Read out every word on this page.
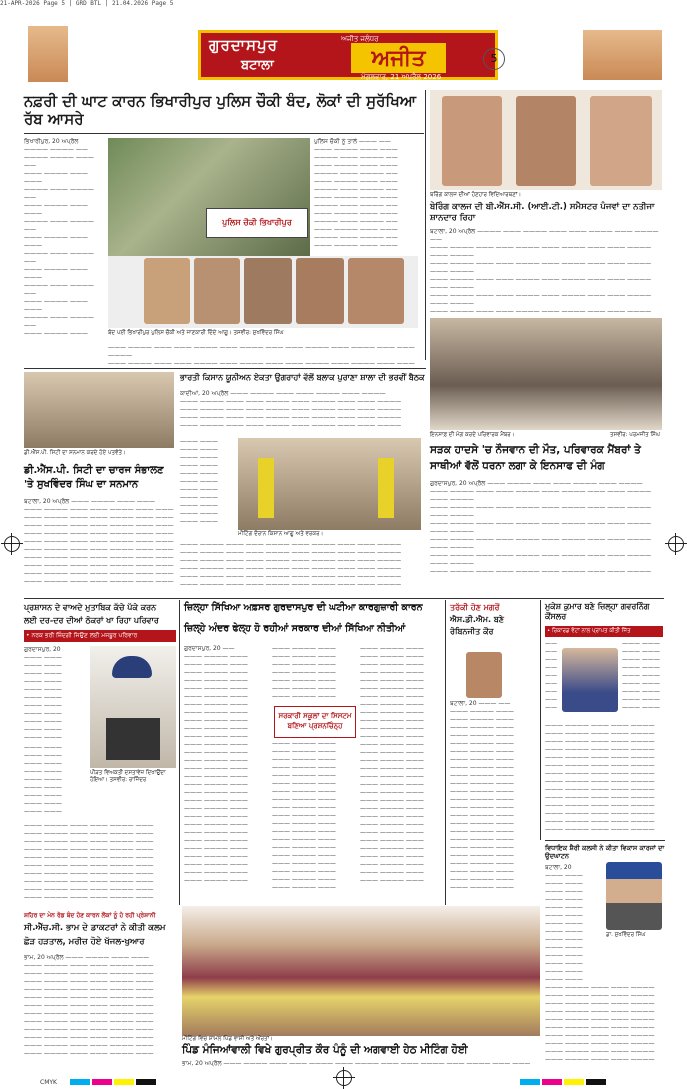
21-APR-2026 Page 5 | GRD BTL | 21.04.2026 Page 5
ਗੁਰਦਾਸਪੁਰ
ਬਟਾਲਾ
ਅਜੀਤ ਜਲੰਧਰ
ਅਜੀਤ
ਮੰਗਲਵਾਰ, 21 ਅਪ੍ਰੈਲ 2026
5
ਨਫ਼ਰੀ ਦੀ ਘਾਟ ਕਾਰਨ ਭਿਖਾਰੀਪੁਰ ਪੁਲਿਸ ਚੌਕੀ ਬੰਦ, ਲੋਕਾਂ ਦੀ ਸੁਰੱਖਿਆ ਰੱਬ ਆਸਰੇ
ਭਿਖਾਰੀਪੁਰ, 20 ਅਪ੍ਰੈਲ ———— ———— ——
———— ———— ——— ——
——— ———— ——— ———
———— ——— ———— ——
——— ———— ——— ———
———— ——— ———— ——
——— ———— ——— ———
———— ——— ———— ——
——— ———— ——— ———
———— ——— ———— ——
——— ———— ——— ———
———— ——— ———— ——
——— ———— ———
ਪੁਲਿਸ ਚੌਕੀ ਭਿਖਾਰੀਪੁਰ
ਬੰਦ ਪਈ ਭਿਖਾਰੀਪੁਰ ਪੁਲਿਸ ਚੌਕੀ ਅਤੇ ਜਾਣਕਾਰੀ ਦਿੰਦੇ ਆਗੂ। ਤਸਵੀਰ: ਸੁਖਵਿੰਦਰ ਸਿੰਘ
ਪੁਲਿਸ ਚੌਕੀ ਨੂੰ ਤਾਲੇ ——— ——
——— ———— ——— ———
———— ——— ———— ——
——— ———— ——— ———
———— ——— ———— ——
——— ———— ——— ———
———— ——— ———— ——
——— ———— ——— ———
———— ——— ———— ——
——— ———— ——— ———
———— ——— ———— ——
——— ———— ——— ———
———— ——— ———— ——
——— ———— ——— ———
——— ———— ——— ——— ———— ——— ———— ——— ——— ———— ——— ———— ——— ——— ————
——— ———— ——— ——— ———— ——— ———— ——— ——— ———— ——— ———— ——— ———
ਬਰਿੰਗ ਕਾਲਜ ਦੀਆਂ ਹੋਣਹਾਰ ਵਿਦਿਆਰਥਣਾਂ।
ਬੇਰਿੰਗ ਕਾਲਜ ਦੀ ਬੀ.ਐੱਸ.ਸੀ. (ਆਈ.ਟੀ.) ਸਮੈਸਟਰ ਪੰਜਵਾਂ ਦਾ ਨਤੀਜਾ ਸ਼ਾਨਦਾਰ ਰਿਹਾ
ਬਟਾਲਾ, 20 ਅਪ੍ਰੈਲ ———— ——— ———— ——— ——— ———— ——— ———— ——
——— ———— ——— ——— ———— ——— ———— ——— ——— ———— ——— ————
——— ———— ——— ——— ———— ——— ———— ——— ——— ———— ——— ————
——— ———— ——— ——— ———— ——— ———— ——— ——— ———— ——— ————
——— ———— ——— ——— ———— ——— ———— ——— ——— ———— ——— ————
——— ———— ——— ——— ———— ——— ———— ——— ——— ————
ਇਨਸਾਫ਼ ਦੀ ਮੰਗ ਕਰਦੇ ਪਰਿਵਾਰਕ ਮੈਂਬਰ।	ਤਸਵੀਰ: ਪਰਮਜੀਤ ਸਿੰਘ
ਸੜਕ ਹਾਦਸੇ 'ਚ ਨੌਜਵਾਨ ਦੀ ਮੌਤ, ਪਰਿਵਾਰਕ ਮੈਂਬਰਾਂ ਤੇ
ਸਾਥੀਆਂ ਵੱਲੋਂ ਧਰਨਾ ਲਗਾ ਕੇ ਇਨਸਾਫ ਦੀ ਮੰਗ
ਗੁਰਦਾਸਪੁਰ, 20 ਅਪ੍ਰੈਲ ——— ———— ——— ——— ———— ——— ————
——— ———— ——— ——— ———— ——— ———— ——— ——— ———— ——— ————
——— ———— ——— ——— ———— ——— ———— ——— ——— ———— ——— ————
——— ———— ——— ——— ———— ——— ———— ——— ——— ———— ——— ————
——— ———— ——— ——— ———— ——— ———— ——— ——— ———— ——— ————
——— ———— ——— ——— ———— ——— ———— ——— ——— ———— ——— ————
——— ———— ——— ——— ———— ——— ———— ——— ——— ————
ਡੀ.ਐੱਸ.ਪੀ. ਸਿਟੀ ਦਾ ਸਨਮਾਨ ਕਰਦੇ ਹੋਏ ਪਤਵੰਤੇ।
ਡੀ.ਐੱਸ.ਪੀ. ਸਿਟੀ ਦਾ ਚਾਰਜ ਸੰਭਾਲਣ 'ਤੇ ਸੁਖਵਿੰਦਰ ਸਿੰਘ ਦਾ ਸਨਮਾਨ
ਬਟਾਲਾ, 20 ਅਪ੍ਰੈਲ ——— ———— ——— ———
——— ———— ——— ——— ———— ——— ———
——— ———— ——— ——— ———— ——— ———
——— ———— ——— ——— ———— ——— ———
——— ———— ——— ——— ———— ——— ———
——— ———— ——— ——— ———— ——— ———
——— ———— ——— ——— ———— ——— ———
——— ———— ——— ——— ———— ——— ———
——— ———— ——— ——— ———— ——— ———
——— ———— ——— ——— ———— ——— ———
——— ———— ——— ——— ———— ——— ———
ਭਾਰਤੀ ਕਿਸਾਨ ਯੂਨੀਅਨ ਏਕਤਾ ਉਗਰਾਹਾਂ ਵੱਲੋਂ ਬਲਾਕ ਪੁਰਾਣਾ ਸ਼ਾਲਾ ਦੀ ਭਰਵੀਂ ਬੈਠਕ
ਕਾਦੀਆਂ, 20 ਅਪ੍ਰੈਲ ——— ———— ——— ——— ———— ——— ————
——— ———— ——— ——— ———— ——— ———— ——— ——— ————
——— ———— ——— ——— ———— ——— ———— ——— ——— ————
——— ———— ——— ——— ———— ——— ———— ——— ——— ————
——— ———— ——— ——— ———— ——— ———— ——— ——— ————
——— ———
——— ———
——— ———
——— ———
——— ———
——— ———
——— ———
——— ———
——— ———
——— ———
——— ———
ਮੀਟਿੰਗ ਦੌਰਾਨ ਕਿਸਾਨ ਆਗੂ ਅਤੇ ਵਰਕਰ।
——— ———— ——— ——— ———— ——— ———— ——— ——— ————
——— ———— ——— ——— ———— ——— ———— ——— ——— ————
——— ———— ——— ——— ———— ——— ———— ——— ——— ————
——— ———— ——— ——— ———— ——— ———— ——— ——— ————
——— ———— ——— ——— ———— ——— ———— ——— ——— ————
——— ———— ——— ——— ———— ——— ———— ——— ——— ————
ਪ੍ਰਸ਼ਾਸਨ ਦੇ ਵਾਅਦੇ ਮੁਤਾਬਿਕ ਕੱਚੇ ਪੱਕੇ ਕਰਨ
ਲਈ ਦਰ-ਦਰ ਦੀਆਂ ਠੋਕਰਾਂ ਖਾ ਰਿਹਾ ਪਰਿਵਾਰ
• ਨਰਕ ਭਰੀ ਜ਼ਿੰਦਗੀ ਜਿਉਣ ਲਈ ਮਜਬੂਰ ਪਰਿਵਾਰ
ਗੁਰਦਾਸਪੁਰ, 20
——— ———
——— ———
——— ———
——— ———
——— ———
——— ———
——— ———
——— ———
——— ———
——— ———
——— ———
ਪੀੜਤ ਵਿਅਕਤੀ ਦਸਤਾਵੇਜ਼ ਦਿਖਾਉਂਦਾ ਹੋਇਆ। ਤਸਵੀਰ: ਰਾਜਿੰਦਰ
——— ———
——— ———
——— ———
——— ———
——— ———
——— ———
——— ———
——— ———
——— ———
——— ———— ——— ——— ———— ———
——— ———— ——— ——— ———— ———
——— ———— ——— ——— ———— ———
——— ———— ——— ——— ———— ———
——— ———— ——— ——— ———— ———
——— ———— ——— ——— ———— ———
——— ———— ——— ——— ———— ———
——— ———— ——— ——— ———— ———
——— ———— ——— ——— ———— ———
——— ———— ——— ——— ———— ———
ਸ਼ਹਿਰ ਦਾ ਮੇਨ ਰੋਡ ਬੰਦ ਹੋਣ ਕਾਰਨ ਲੋਕਾਂ ਨੂੰ ਹੋ ਰਹੀ ਪ੍ਰੇਸ਼ਾਨੀ
ਸੀ.ਐੱਚ.ਸੀ. ਭਾਮ ਦੇ ਡਾਕਟਰਾਂ ਨੇ ਕੀਤੀ ਕਲਮ
ਛੋੜ ਹੜਤਾਲ, ਮਰੀਜ਼ ਹੋਏ ਖੱਜਲ-ਖੁਆਰ
ਭਾਮ, 20 ਅਪ੍ਰੈਲ ——— ———— ——— ———
——— ———— ——— ——— ———— ———
——— ———— ——— ——— ———— ———
——— ———— ——— ——— ———— ———
——— ———— ——— ——— ———— ———
——— ———— ——— ——— ———— ———
——— ———— ——— ——— ———— ———
——— ———— ——— ——— ———— ———
——— ———— ——— ——— ———— ———
——— ———— ——— ——— ———— ———
——— ———— ——— ——— ———— ———
——— ———— ——— ——— ———— ———
——— ———— ——— ——— ———— ———
ਜ਼ਿਲ੍ਹਾ ਸਿੱਖਿਆ ਅਫ਼ਸਰ ਗੁਰਦਾਸਪੁਰ ਦੀ ਘਟੀਆ ਕਾਰਗੁਜ਼ਾਰੀ ਕਾਰਨ
ਜ਼ਿਲ੍ਹੇ ਅੰਦਰ ਫੇਲ੍ਹ ਹੋ ਰਹੀਆਂ ਸਰਕਾਰ ਦੀਆਂ ਸਿੱਖਿਆ ਨੀਤੀਆਂ
ਗੁਰਦਾਸਪੁਰ, 20 ——
——— ———— ———
——— ———— ———
——— ———— ———
——— ———— ———
——— ———— ———
——— ———— ———
——— ———— ———
——— ———— ———
——— ———— ———
——— ———— ———
——— ———— ———
——— ———— ———
——— ———— ———
——— ———— ———
——— ———— ———
——— ———— ———
——— ———— ———
——— ———— ———
——— ———— ———
——— ———— ———
——— ———— ———
——— ———— ———
——— ———— ———
——— ———— ———
——— ———— ———
——— ———— ———
——— ———— ———
——— ———— ———
——— ———— ———
——— ———— ———
——— ———— ———
——— ———— ———
——— ———— ———
——— ———— ———
——— ———— ———
——— ———— ———
ਸਰਕਾਰੀ ਸਕੂਲਾਂ ਦਾ ਸਿਸਟਮ ਬਣਿਆ ਪ੍ਰਸ਼ਨਚਿੰਨ੍ਹ
——— ———— ———
——— ———— ———
——— ———— ———
——— ———— ———
——— ———— ———
——— ———— ———
——— ———— ———
——— ———— ———
——— ———— ———
——— ———— ———
——— ———— ———
——— ———— ———
——— ———— ———
——— ———— ———
——— ———— ———
——— ———— ———
——— ———— ———
——— ———— ———
——— ———— ———
——— ———— ———
——— ———— ———
——— ———— ———
——— ———— ———
——— ———— ———
——— ———— ———
——— ———— ———
——— ———— ———
——— ———— ———
——— ———— ———
——— ———— ———
——— ———— ———
——— ———— ———
——— ———— ———
——— ———— ———
——— ———— ———
——— ———— ———
——— ———— ———
——— ———— ———
——— ———— ———
——— ———— ———
——— ———— ———
——— ———— ———
——— ———— ———
——— ———— ———
——— ———— ———
——— ———— ———
——— ———— ———
——— ———— ———
——— ———— ———
ਤਰੱਕੀ ਹੋਣ ਮਗਰੋਂ
ਐਸ.ਡੀ.ਐਮ. ਬਣੇ
ਰੋਬਿਨਜੀਤ ਕੌਰ
ਬਟਾਲਾ, 20 ——— ——
——— ———— ———
——— ———— ———
——— ———— ———
——— ———— ———
——— ———— ———
——— ———— ———
——— ———— ———
——— ———— ———
——— ———— ———
——— ———— ———
——— ———— ———
——— ———— ———
——— ———— ———
——— ———— ———
——— ———— ———
——— ———— ———
——— ———— ———
——— ———— ———
——— ———— ———
——— ———— ———
——— ———— ———
——— ———— ———
——— ———— ———
ਮੁਕੇਸ਼ ਕੁਮਾਰ ਬਣੇ ਜ਼ਿਲ੍ਹਾ ਗਵਰਨਿੰਗ ਕੌਂਸਲਰ
• ਰਿਕਾਰਡ ਵੋਟਾਂ ਨਾਲ ਪ੍ਰਾਪਤ ਕੀਤੀ ਜਿੱਤ
——
——
——
——
——
——
——
——
——
——— ———
——— ———
——— ———
——— ———
——— ———
——— ———
——— ———
——— ———
——— ———
——— ———— ——— ——— ————
——— ———— ——— ——— ————
——— ———— ——— ——— ————
——— ———— ——— ——— ————
——— ———— ——— ——— ————
——— ———— ——— ——— ————
——— ———— ——— ——— ————
——— ———— ——— ——— ————
——— ———— ——— ——— ————
——— ———— ——— ——— ————
——— ———— ——— ——— ————
——— ———— ——— ——— ————
——— ———— ——— ——— ————
——— ———— ——— ——— ————
ਮੀਟਿੰਗ ਵਿਚ ਸ਼ਾਮਲ ਪਿੰਡ ਵਾਸੀ ਅਤੇ ਔਰਤਾਂ।
ਪਿੰਡ ਮੰਜਿਆਂਵਾਲੀ ਵਿਖੇ ਗੁਰਪ੍ਰੀਤ ਕੌਰ ਪੰਨੂੰ ਦੀ ਅਗਵਾਈ ਹੇਠ ਮੀਟਿੰਗ ਹੋਈ
ਭਾਮ, 20 ਅਪ੍ਰੈਲ ——— ———— ——— ——— ———— ——— ———— ——— ——— ———— ——— ———— ——— ———
ਵਿਧਾਇਕ ਸ਼ੈਰੀ ਕਲਸੀ ਨੇ ਕੀਤਾ ਵਿਕਾਸ ਕਾਰਜਾਂ ਦਾ ਉਦਘਾਟਨ
ਬਟਾਲਾ, 20
——— ———
——— ———
——— ———
——— ———
——— ———
——— ———
——— ———
——— ———
——— ———
——— ———
——— ———
——— ———
——— ———
——— ———
ਡਾ. ਸੁਖਵਿੰਦਰ ਸਿੰਘ
——— ———— ——— ——— ————
——— ———— ——— ——— ————
——— ———— ——— ——— ————
——— ———— ——— ——— ————
——— ———— ——— ——— ————
——— ———— ——— ——— ————
——— ———— ——— ——— ————
——— ———— ——— ——— ————
——— ———— ——— ——— ————
——— ———— ——— ——— ————
CMYK
